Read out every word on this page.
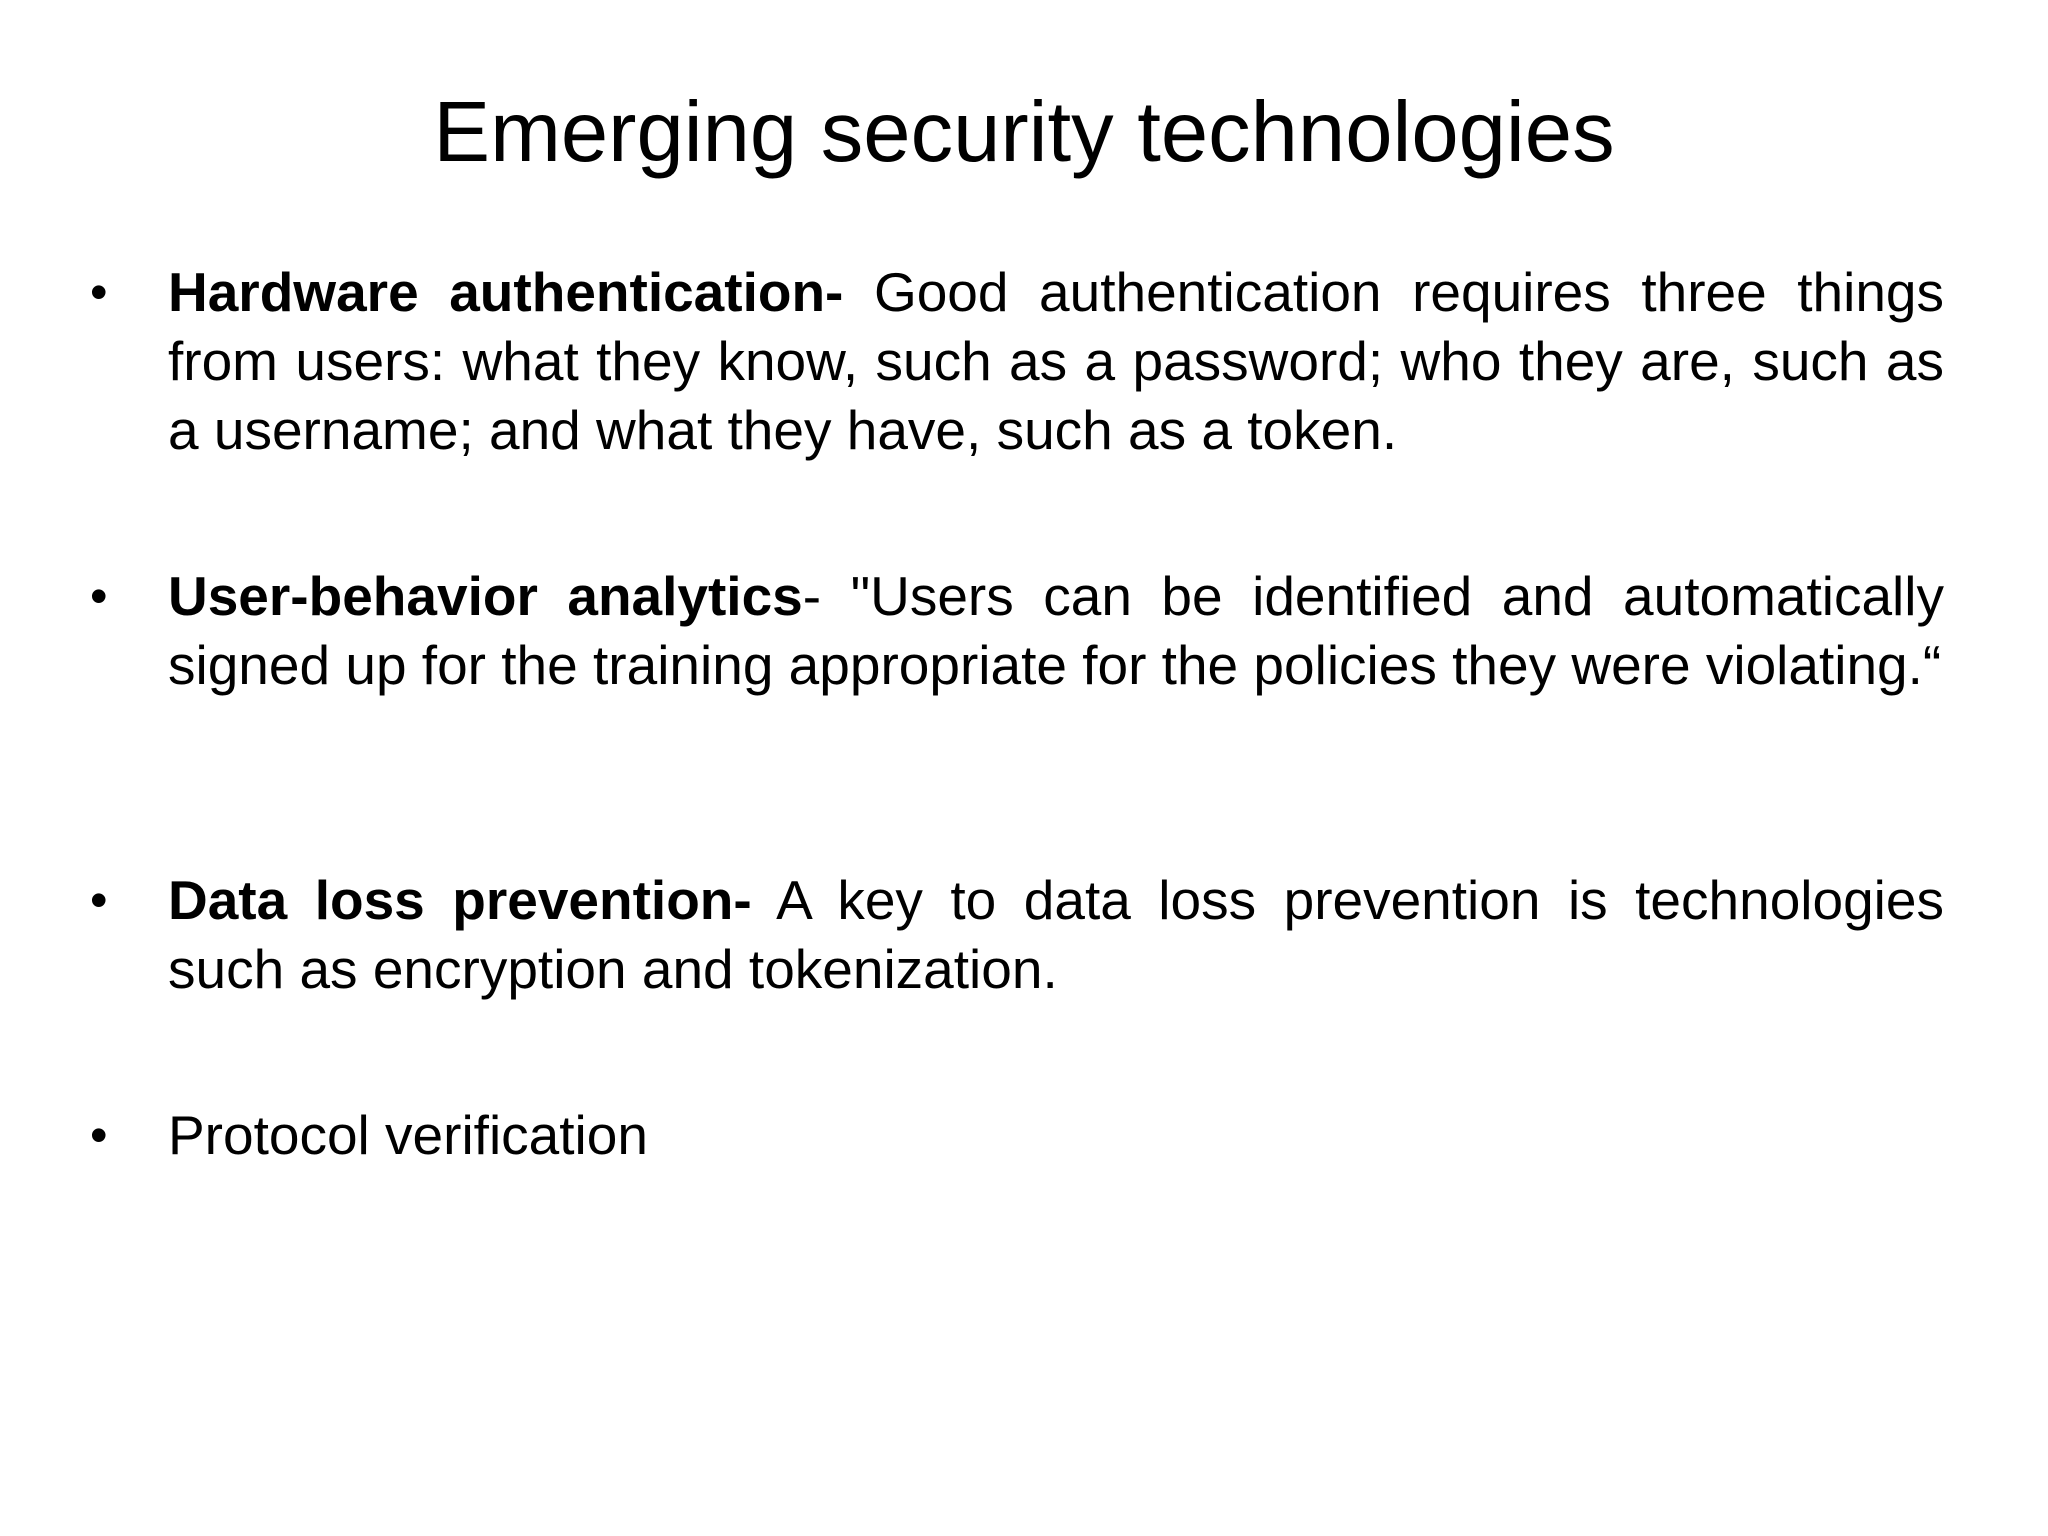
Emerging security technologies
• Hardware authentication- Good authentication requires three things from users: what they know, such as a password; who they are, such as a username; and what they have, such as a token.

• User-behavior analytics- "Users can be identified and automatically signed up for the training appropriate for the policies they were violating.“

• Data loss prevention- A key to data loss prevention is technologies such as encryption and tokenization.

• Protocol verification
